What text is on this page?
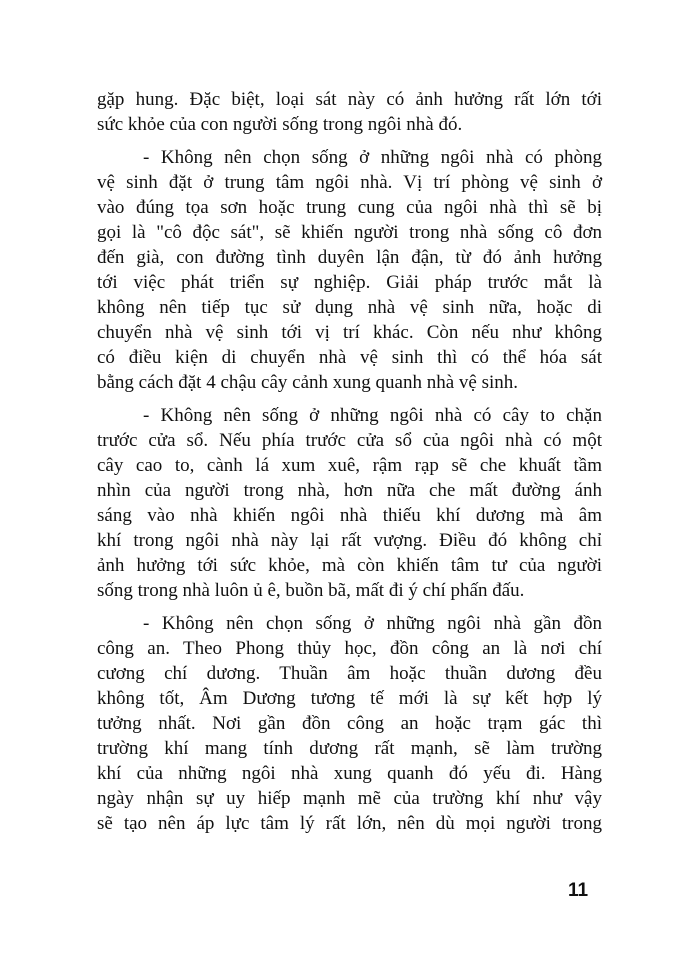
gặp hung. Đặc biệt, loại sát này có ảnh hưởng rất lớn tới
sức khỏe của con người sống trong ngôi nhà đó.
- Không nên chọn sống ở những ngôi nhà có phòng
vệ sinh đặt ở trung tâm ngôi nhà. Vị trí phòng vệ sinh ở
vào đúng tọa sơn hoặc trung cung của ngôi nhà thì sẽ bị
gọi là "cô độc sát", sẽ khiến người trong nhà sống cô đơn
đến già, con đường tình duyên lận đận, từ đó ảnh hưởng
tới việc phát triển sự nghiệp. Giải pháp trước mắt là
không nên tiếp tục sử dụng nhà vệ sinh nữa, hoặc di
chuyển nhà vệ sinh tới vị trí khác. Còn nếu như không
có điều kiện di chuyển nhà vệ sinh thì có thể hóa sát
bằng cách đặt 4 chậu cây cảnh xung quanh nhà vệ sinh.
- Không nên sống ở những ngôi nhà có cây to chặn
trước cửa sổ. Nếu phía trước cửa sổ của ngôi nhà có một
cây cao to, cành lá xum xuê, rậm rạp sẽ che khuất tầm
nhìn của người trong nhà, hơn nữa che mất đường ánh
sáng vào nhà khiến ngôi nhà thiếu khí dương mà âm
khí trong ngôi nhà này lại rất vượng. Điều đó không chỉ
ảnh hưởng tới sức khỏe, mà còn khiến tâm tư của người
sống trong nhà luôn ủ ê, buồn bã, mất đi ý chí phấn đấu.
- Không nên chọn sống ở những ngôi nhà gần đồn
công an. Theo Phong thủy học, đồn công an là nơi chí
cương chí dương. Thuần âm hoặc thuần dương đều
không tốt, Âm Dương tương tế mới là sự kết hợp lý
tưởng nhất. Nơi gần đồn công an hoặc trạm gác thì
trường khí mang tính dương rất mạnh, sẽ làm trường
khí của những ngôi nhà xung quanh đó yếu đi. Hàng
ngày nhận sự uy hiếp mạnh mẽ của trường khí như vậy
sẽ tạo nên áp lực tâm lý rất lớn, nên dù mọi người trong
11
